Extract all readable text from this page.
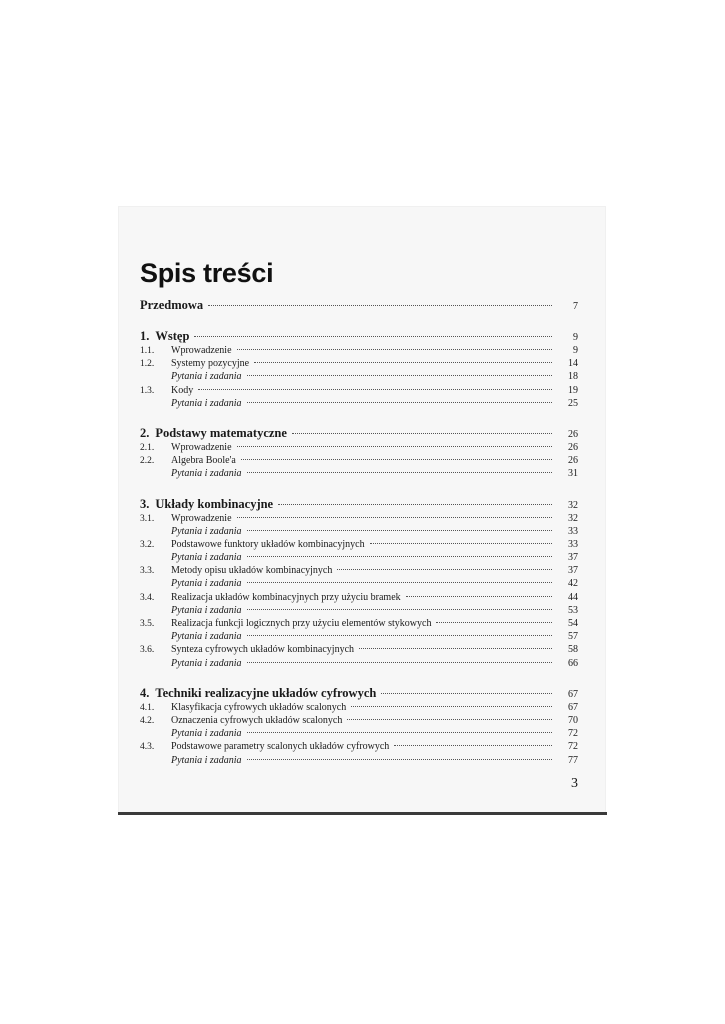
Spis treści
Przedmowa	7
1. Wstęp	9
1.1.	Wprowadzenie	9
1.2.	Systemy pozycyjne	14
Pytania i zadania	18
1.3.	Kody	19
Pytania i zadania	25
2. Podstawy matematyczne	26
2.1.	Wprowadzenie	26
2.2.	Algebra Boole'a	26
Pytania i zadania	31
3. Układy kombinacyjne	32
3.1.	Wprowadzenie	32
Pytania i zadania	33
3.2.	Podstawowe funktory układów kombinacyjnych	33
Pytania i zadania	37
3.3.	Metody opisu układów kombinacyjnych	37
Pytania i zadania	42
3.4.	Realizacja układów kombinacyjnych przy użyciu bramek	44
Pytania i zadania	53
3.5.	Realizacja funkcji logicznych przy użyciu elementów stykowych	54
Pytania i zadania	57
3.6.	Synteza cyfrowych układów kombinacyjnych	58
Pytania i zadania	66
4. Techniki realizacyjne układów cyfrowych	67
4.1.	Klasyfikacja cyfrowych układów scalonych	67
4.2.	Oznaczenia cyfrowych układów scalonych	70
Pytania i zadania	72
4.3.	Podstawowe parametry scalonych układów cyfrowych	72
Pytania i zadania	77
3
